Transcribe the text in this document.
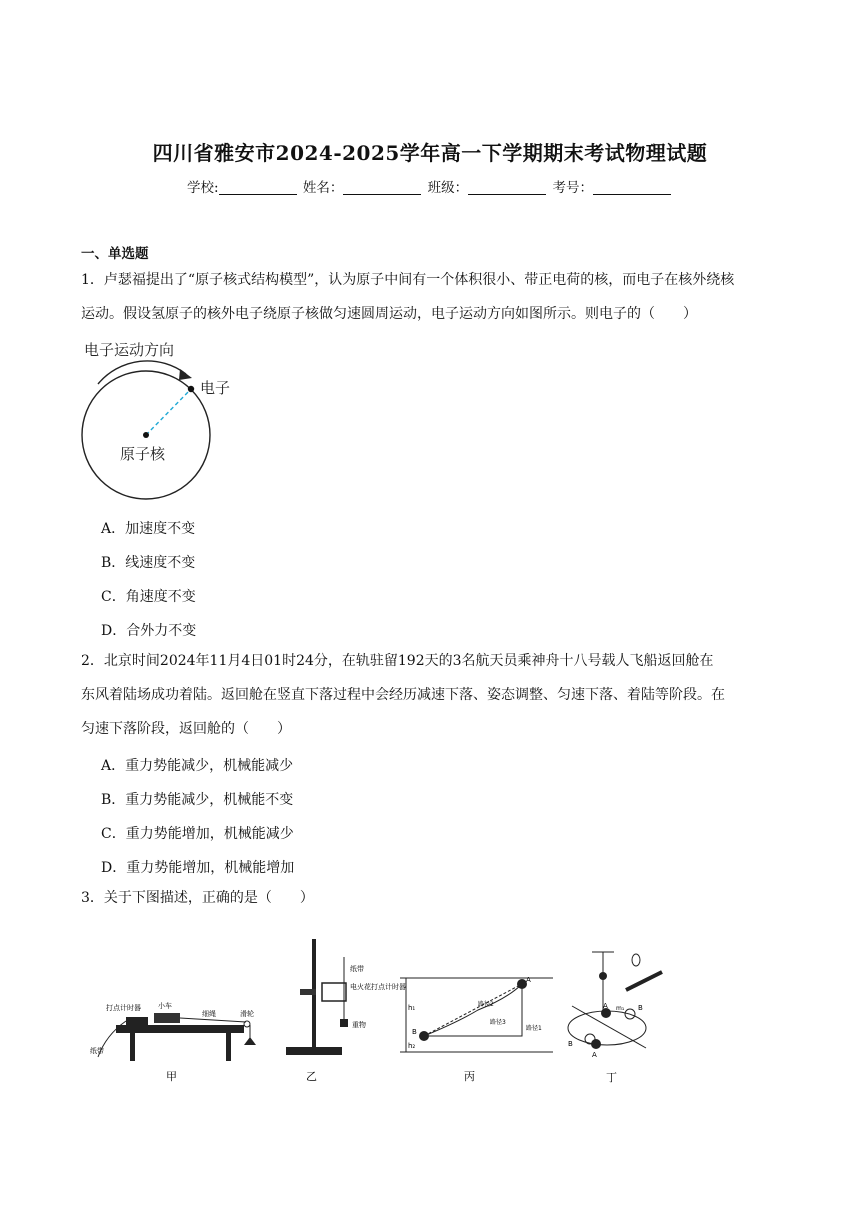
四川省雅安市2024-2025学年高一下学期期末考试物理试题
学校:	姓名：	班级：	考号：
一、单选题
1．卢瑟福提出了“原子核式结构模型”，认为原子中间有一个体积很小、带正电荷的核，而电子在核外绕核
运动。假设氢原子的核外电子绕原子核做匀速圆周运动，电子运动方向如图所示。则电子的（　　）
电子运动方向
电子
原子核
A．加速度不变
B．线速度不变
C．角速度不变
D．合外力不变
2．北京时间2024年11月4日01时24分，在轨驻留192天的3名航天员乘神舟十八号载人飞船返回舱在
东风着陆场成功着陆。返回舱在竖直下落过程中会经历减速下落、姿态调整、匀速下落、着陆等阶段。在
匀速下落阶段，返回舱的（　　）
A．重力势能减少，机械能减少
B．重力势能减少，机械能不变
C．重力势能增加，机械能减少
D．重力势能增加，机械能增加
3．关于下图描述，正确的是（　　）
打点计时器 小车
细绳	滑轮
纸带
甲
纸带
电火花打点计时器
重物
乙
A
B
h₁
h₂
路径2
路径3
路径1
丙
A m₁ B
B
A
丁
